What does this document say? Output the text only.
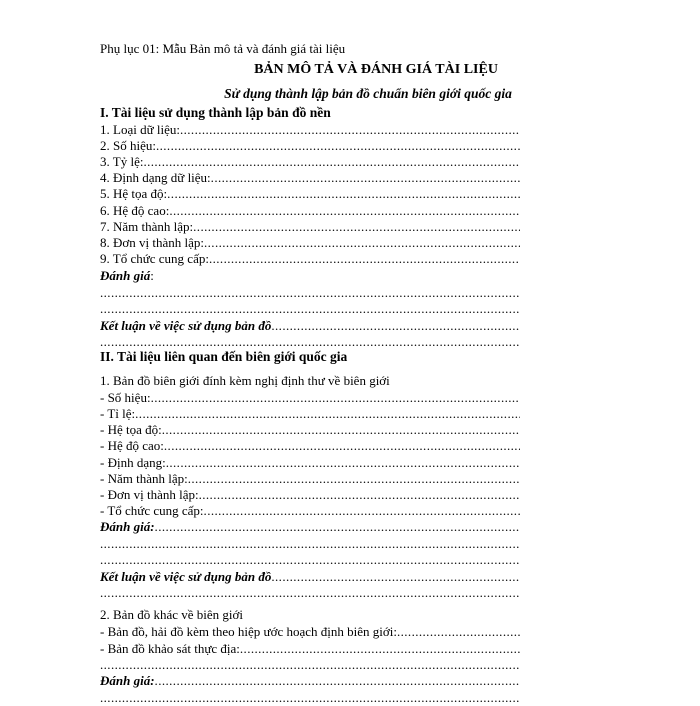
Phụ lục 01: Mẫu Bản mô tả và đánh giá tài liệu
BẢN MÔ TẢ VÀ ĐÁNH GIÁ TÀI LIỆU
Sử dụng thành lập bản đồ chuẩn biên giới quốc gia
I. Tài liệu sử dụng thành lập bản đồ nền
1. Loại dữ liệu: .....
2. Số hiệu: .....
3. Tỷ lệ: .....
4. Định dạng dữ liệu: .....
5. Hệ tọa độ: .....
6. Hệ độ cao: .....
7. Năm thành lập: .....
8. Đơn vị thành lập: .....
9. Tổ chức cung cấp: .....
Đánh giá:
.....
.....
Kết luận về việc sử dụng bản đồ .....
.....
II. Tài liệu liên quan đến biên giới quốc gia
1. Bản đồ biên giới đính kèm nghị định thư về biên giới
- Số hiệu: .....
- Tỉ lệ: .....
- Hệ tọa độ: .....
- Hệ độ cao: .....
- Định dạng: .....
- Năm thành lập: .....
- Đơn vị thành lập: .....
- Tổ chức cung cấp: .....
Đánh giá: .....
.....
.....
Kết luận về việc sử dụng bản đồ .....
.....
2. Bản đồ khác về biên giới
- Bản đồ, hải đồ kèm theo hiệp ước hoạch định biên giới: .....
- Bản đồ khảo sát thực địa: .....
.....
Đánh giá: .....
.....
